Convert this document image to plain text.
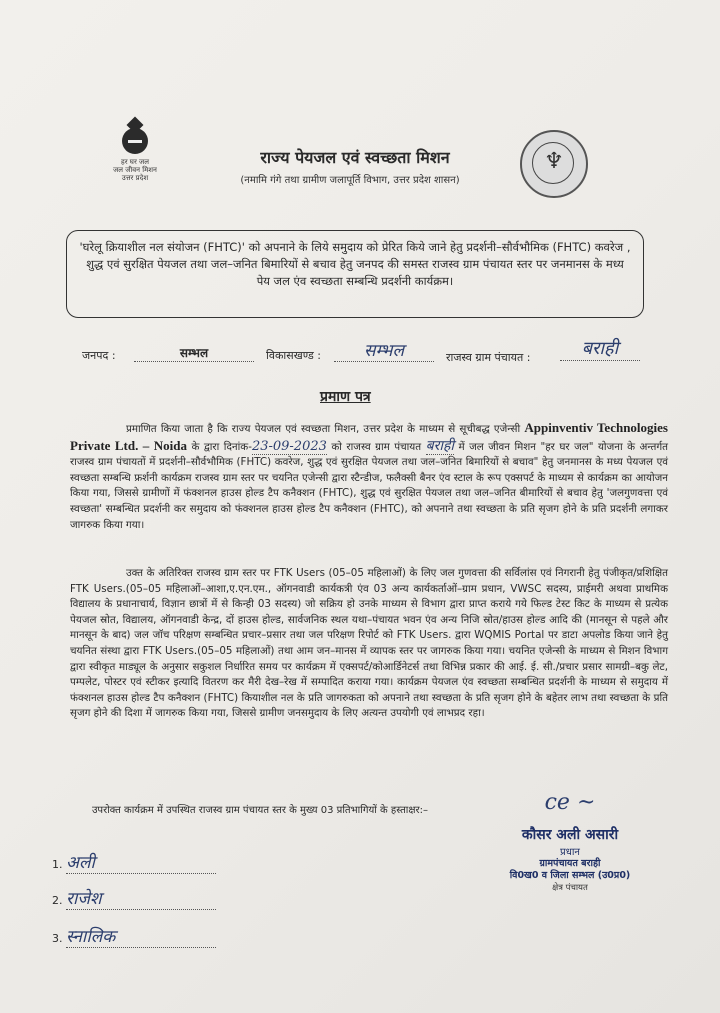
हर घर जल
जल जीवन मिशन
उत्तर प्रदेश
राज्य पेयजल एवं स्वच्छता मिशन
(नमामि गंगे तथा ग्रामीण जलापूर्ति विभाग, उत्तर प्रदेश शासन)
♆

'घरेलू क्रियाशील नल संयोजन (FHTC)' को अपनाने के लिये समुदाय को प्रेरित किये जाने हेतु प्रदर्शनी–सौर्वभौमिक (FHTC) कवरेज , शुद्ध एवं सुरक्षित पेयजल तथा जल–जनित बिमारियों से बचाव हेतु जनपद की समस्त राजस्व ग्राम पंचायत स्तर पर जनमानस के मध्य पेय जल एंव स्वच्छता सम्बन्धि प्रदर्शनी कार्यक्रम।

जनपद :	सम्भल	विकासखण्ड :	सम्भल	राजस्व ग्राम पंचायत :	बराही
प्रमाण पत्र

प्रमाणित किया जाता है कि राज्य पेयजल एवं स्वच्छता मिशन, उत्तर प्रदेश के माध्यम से सूचीबद्ध एजेन्सी Appinventiv Technologies Private Ltd. – Noida के द्वारा दिनांक-23-09-2023 को राजस्व ग्राम पंचायत बराही में जल जीवन मिशन "हर घर जल" योजना के अन्तर्गत राजस्व ग्राम पंचायतों में प्रदर्शनी–सौर्वभौमिक (FHTC) कवरेज, शुद्ध एवं सुरक्षित पेयजल तथा जल–जनित बिमारियों से बचाव" हेतु जनमानस के मध्य पेयजल एवं स्वच्छता सम्बन्धि फ्रर्शनी कार्यक्रम राजस्व ग्राम स्तर पर चयनित एजेन्सी द्वारा स्टैन्डीज, फलैक्सी बैनर एंव स्टाल के रूप एक्सपर्ट के माध्यम से कार्यक्रम का आयोजन किया गया, जिससे ग्रामीणों में फंक्शनल हाउस होल्ड टैप कनैक्शन (FHTC), शुद्ध एवं सुरक्षित पेयजल तथा जल–जनित बीमारियों से बचाव हेतु 'जलगुणवत्ता एवं स्वच्छता' सम्बन्धित प्रदर्शनी कर समुदाय को फंक्शनल हाउस होल्ड टैप कनैक्शन (FHTC), को अपनाने तथा स्वच्छता के प्रति सृजग होने के प्रति प्रदर्शनी लगाकर जागरुक किया गया।

उक्त के अतिरिक्त राजस्व ग्राम स्तर पर FTK Users (05–05 महिलाओं) के लिए जल गुणवत्ता की सर्विलांस एवं निगरानी हेतु पंजीकृत/प्रशिक्षित FTK Users.(05–05 महिलाओं–आशा,ए.एन.एम., ऑगनवाडी कार्यकत्री एंव 03 अन्य कार्यकर्ताओं–ग्राम प्रधान, VWSC सदस्य, प्राईमरी अथवा प्राथमिक विद्यालय के प्रधानाचार्य, विज्ञान छात्रों में से किन्ही 03 सदस्य) जो सक्रिय हो उनके माध्यम से विभाग द्वारा प्राप्त कराये गये फिल्ड टेस्ट किट के माध्यम से प्रत्येक पेयजल स्रोत, विद्यालय, ऑगनवाडी केन्द्र, दों हाउस होल्ड, सार्वजनिक स्थल यथा–पंचायत भवन एंव अन्य निजि स्रोत/हाउस होल्ड आदि की (मानसून से पहले और मानसून के बाद) जल जॉच परिक्षण सम्बन्धित प्रचार–प्रसार तथा जल परिक्षण रिपोर्ट को FTK Users. द्वारा WQMIS Portal पर डाटा अपलोड किया जाने हेतु चयनित संस्था द्वारा FTK Users.(05–05 महिलाओं) तथा आम जन–मानस में व्यापक स्तर पर जागरुक किया गया। चयनित एजेन्सी के माध्यम से मिशन विभाग द्वारा स्वीकृत माड्यूल के अनुसार सकुशल निर्धारित समय पर कार्यक्रम में एक्सपर्ट/कोआर्डिनेटर्स तथा विभिन्न प्रकार की आई. ई. सी./प्रचार प्रसार सामग्री–बकु लेट, पम्पलेट, पोस्टर एवं स्टीकर इत्यादि वितरण कर मैरी देख–रेख में सम्पादित कराया गया। कार्यक्रम पेयजल एंव स्वच्छता सम्बन्धित प्रदर्शनी के माध्यम से समुदाय में फंक्शनल हाउस होल्ड टैप कनैक्शन (FHTC) कियाशील नल के प्रति जागरुकता को अपनाने तथा स्वच्छता के प्रति सृजग होने के बहेतर लाभ तथा स्वच्छता के प्रति सृजग होने की दिशा में जागरुक किया गया, जिससे ग्रामीण जनसमुदाय के लिए अत्यन्त उपयोगी एवं लाभप्रद रहा।

उपरोक्त कार्यक्रम में उपस्थित राजस्व ग्राम पंचायत स्तर के मुख्य 03 प्रतिभागियों के हस्ताक्षर:–
1. अली
2. राजेश
3. स्नालिक
ce ~
कौसर अली असारी
प्रधान
ग्रामपंचायत बराही
वि0ख0 व जिला सम्भल (उ0प्र0)
क्षेत्र पंचायत
